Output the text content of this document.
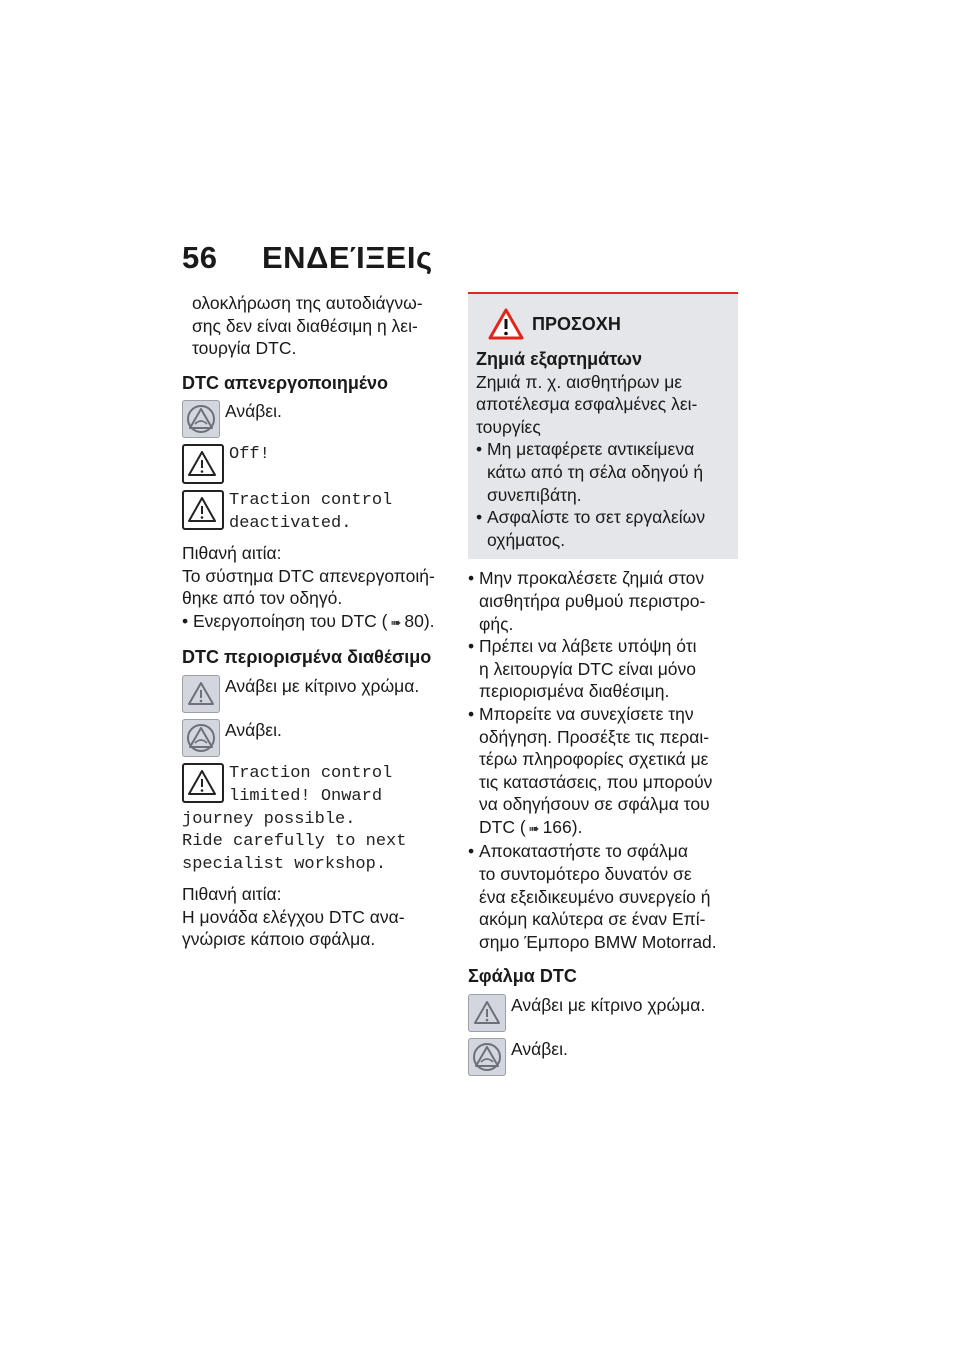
56 ΕΝΔΕΊΞΕΙς

ολοκλήρωση της αυτοδιάγνω-

σης δεν είναι διαθέσιμη η λει-

τουργία DTC.

DTC απενεργοποιημένο

Ανάβει.
Off!

Traction control

deactivated.

Πιθανή αιτία:

Το σύστημα DTC απενεργοποιή-

θηκε από τον οδηγό.

• Ενεργοποίηση του DTC ( ➠ 80).

DTC περιορισμένα διαθέσιμο

Ανάβει με κίτρινο χρώμα.
Ανάβει.

Traction control

limited! Onward

journey possible.

Ride carefully to next

specialist workshop.

Πιθανή αιτία:

Η μονάδα ελέγχου DTC ανα-

γνώρισε κάποιο σφάλμα.

ΠΡΟΣΟΧΗ

Ζημιά εξαρτημάτων

Ζημιά π. χ. αισθητήρων με

αποτέλεσμα εσφαλμένες λει-

τουργίες

• Μη μεταφέρετε αντικείμενα

κάτω από τη σέλα οδηγού ή

συνεπιβάτη.

• Ασφαλίστε το σετ εργαλείων

οχήματος.

• Μην προκαλέσετε ζημιά στον

αισθητήρα ρυθμού περιστρο-

φής.

• Πρέπει να λάβετε υπόψη ότι

η λειτουργία DTC είναι μόνο

περιορισμένα διαθέσιμη.

• Μπορείτε να συνεχίσετε την

οδήγηση. Προσέξτε τις περαι-

τέρω πληροφορίες σχετικά με

τις καταστάσεις, που μπορούν

να οδηγήσουν σε σφάλμα του

DTC ( ➠ 166).

• Αποκαταστήστε το σφάλμα

το συντομότερο δυνατόν σε

ένα εξειδικευμένο συνεργείο ή

ακόμη καλύτερα σε έναν Επί-

σημο Έμπορο BMW Motorrad.

Σφάλμα DTC

Ανάβει με κίτρινο χρώμα.
Ανάβει.
